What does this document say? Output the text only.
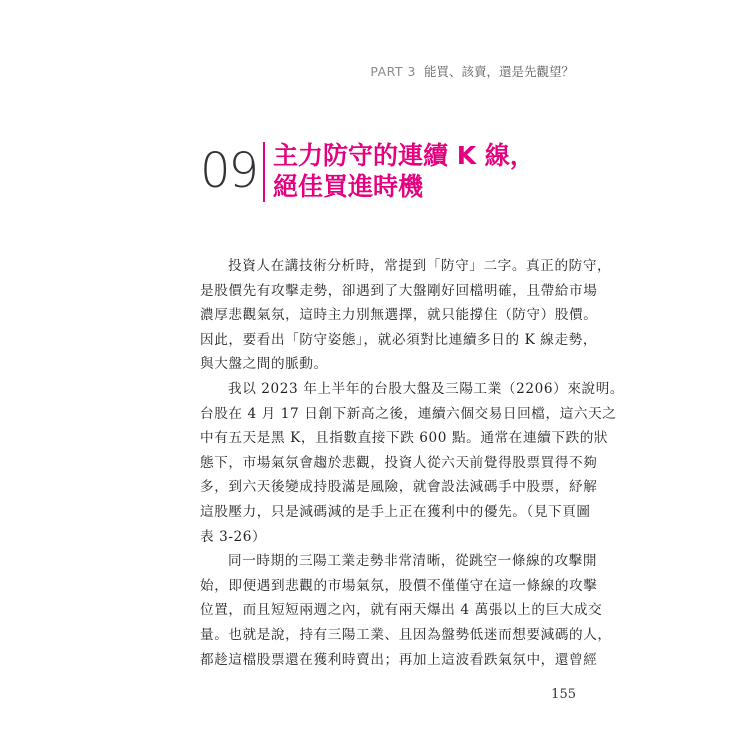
PART 3 能買、該賣，還是先觀望？
09 主力防守的連續 K 線，
絕佳買進時機
投資人在講技術分析時，常提到「防守」二字。真正的防守，
是股價先有攻擊走勢，卻遇到了大盤剛好回檔明確，且帶給市場
濃厚悲觀氣氛，這時主力別無選擇，就只能撐住（防守）股價。
因此，要看出「防守姿態」，就必須對比連續多日的 K 線走勢，
與大盤之間的脈動。
我以 2023 年上半年的台股大盤及三陽工業（2206）來說明。
台股在 4 月 17 日創下新高之後，連續六個交易日回檔，這六天之
中有五天是黑 K，且指數直接下跌 600 點。通常在連續下跌的狀
態下，市場氣氛會趨於悲觀，投資人從六天前覺得股票買得不夠
多，到六天後變成持股滿是風險，就會設法減碼手中股票，紓解
這股壓力，只是減碼減的是手上正在獲利中的優先。（見下頁圖
表 3-26）
同一時期的三陽工業走勢非常清晰，從跳空一條線的攻擊開
始，即便遇到悲觀的市場氣氛，股價不僅僅守在這一條線的攻擊
位置，而且短短兩週之內，就有兩天爆出 4 萬張以上的巨大成交
量。也就是說，持有三陽工業、且因為盤勢低迷而想要減碼的人，
都趁這檔股票還在獲利時賣出；再加上這波看跌氣氛中，還曾經
155
